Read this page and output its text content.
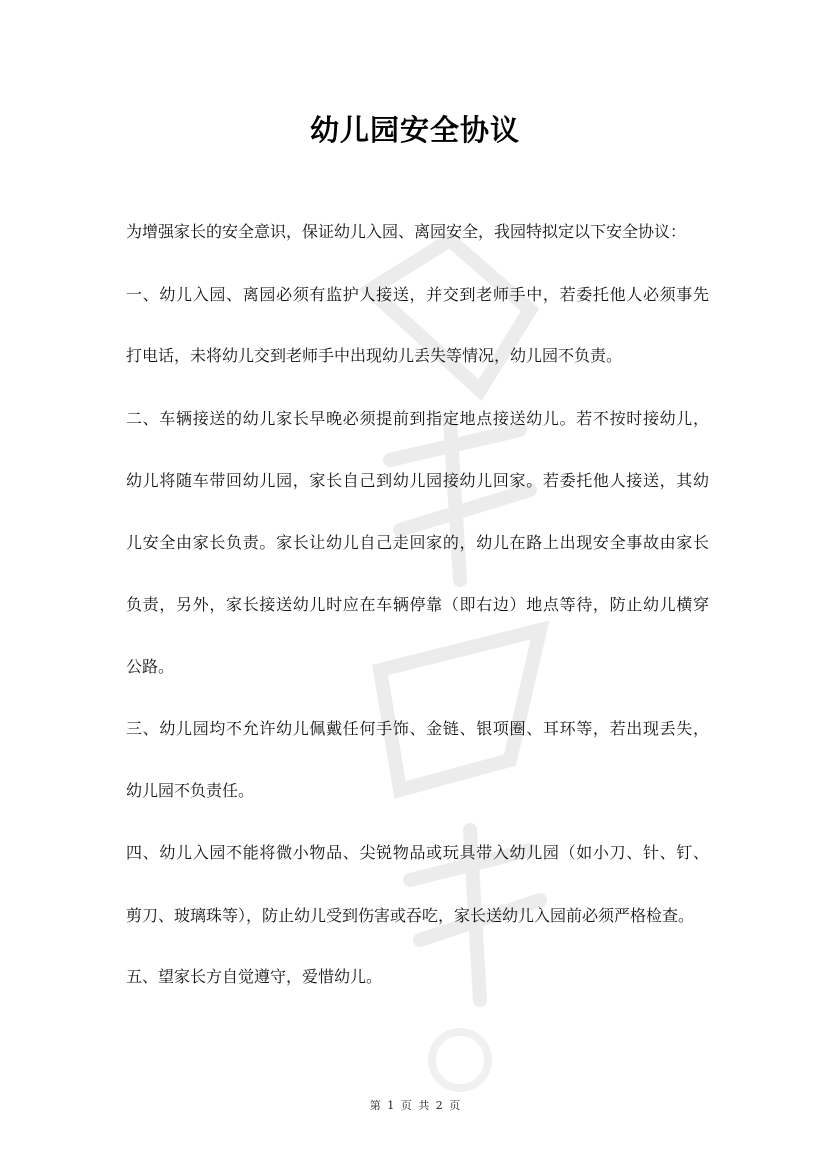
幼儿园安全协议
为增强家长的安全意识，保证幼儿入园、离园安全，我园特拟定以下安全协议：
一、幼儿入园、离园必须有监护人接送，并交到老师手中，若委托他人必须事先
打电话，未将幼儿交到老师手中出现幼儿丢失等情况，幼儿园不负责。
二、车辆接送的幼儿家长早晚必须提前到指定地点接送幼儿。若不按时接幼儿，
幼儿将随车带回幼儿园，家长自己到幼儿园接幼儿回家。若委托他人接送，其幼
儿安全由家长负责。家长让幼儿自己走回家的，幼儿在路上出现安全事故由家长
负责，另外，家长接送幼儿时应在车辆停靠（即右边）地点等待，防止幼儿横穿
公路。
三、幼儿园均不允许幼儿佩戴任何手饰、金链、银项圈、耳环等，若出现丢失，
幼儿园不负责任。
四、幼儿入园不能将微小物品、尖锐物品或玩具带入幼儿园（如小刀、针、钉、
剪刀、玻璃珠等），防止幼儿受到伤害或吞吃，家长送幼儿入园前必须严格检查。
五、望家长方自觉遵守，爱惜幼儿。
第 1 页 共 2 页
